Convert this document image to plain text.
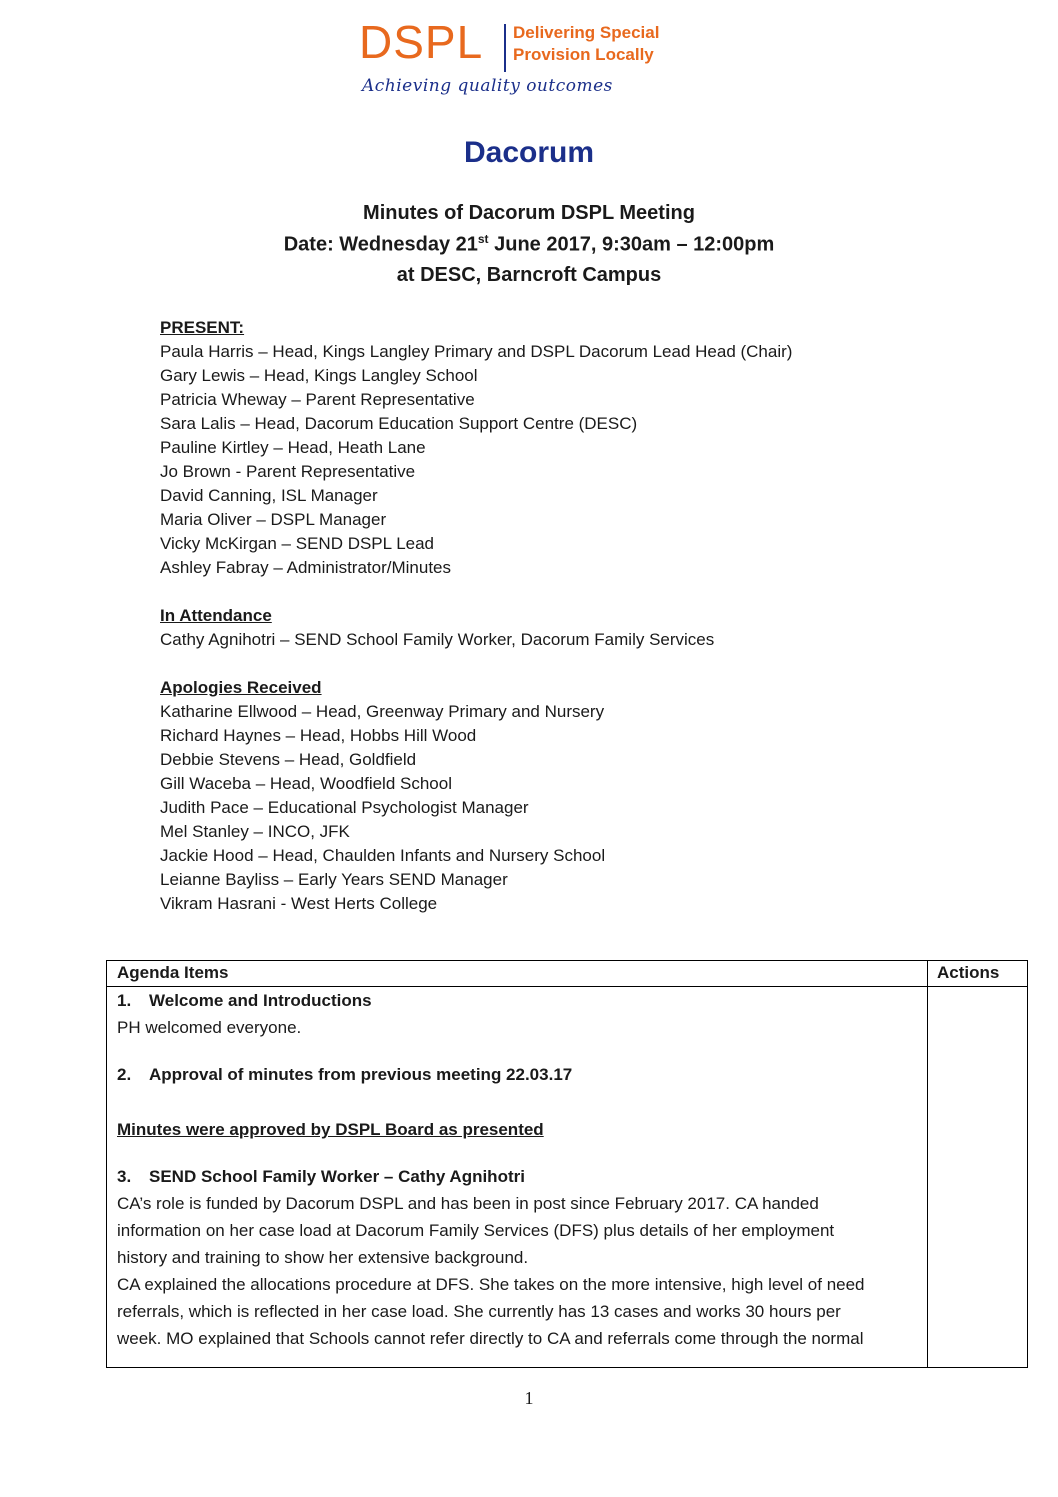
DSPL Delivering Special
Provision Locally
Achieving quality outcomes
Dacorum
Minutes of Dacorum DSPL Meeting
Date: Wednesday 21st June 2017, 9:30am – 12:00pm
at DESC, Barncroft Campus
PRESENT:
Paula Harris – Head, Kings Langley Primary and DSPL Dacorum Lead Head (Chair)
Gary Lewis – Head, Kings Langley School
Patricia Wheway – Parent Representative
Sara Lalis – Head, Dacorum Education Support Centre (DESC)
Pauline Kirtley – Head, Heath Lane
Jo Brown - Parent Representative
David Canning, ISL Manager
Maria Oliver – DSPL Manager
Vicky McKirgan – SEND DSPL Lead
Ashley Fabray – Administrator/Minutes
In Attendance
Cathy Agnihotri – SEND School Family Worker, Dacorum Family Services
Apologies Received
Katharine Ellwood – Head, Greenway Primary and Nursery
Richard Haynes – Head, Hobbs Hill Wood
Debbie Stevens – Head, Goldfield
Gill Waceba – Head, Woodfield School
Judith Pace – Educational Psychologist Manager
Mel Stanley – INCO, JFK
Jackie Hood – Head, Chaulden Infants and Nursery School
Leianne Bayliss – Early Years SEND Manager
Vikram Hasrani - West Herts College
Agenda Items	Actions
1. Welcome and Introductions
PH welcomed everyone.
2. Approval of minutes from previous meeting 22.03.17
Minutes were approved by DSPL Board as presented
3. SEND School Family Worker – Cathy Agnihotri
CA’s role is funded by Dacorum DSPL and has been in post since February 2017. CA handed
information on her case load at Dacorum Family Services (DFS) plus details of her employment
history and training to show her extensive background.
CA explained the allocations procedure at DFS. She takes on the more intensive, high level of need
referrals, which is reflected in her case load. She currently has 13 cases and works 30 hours per
week. MO explained that Schools cannot refer directly to CA and referrals come through the normal
1
